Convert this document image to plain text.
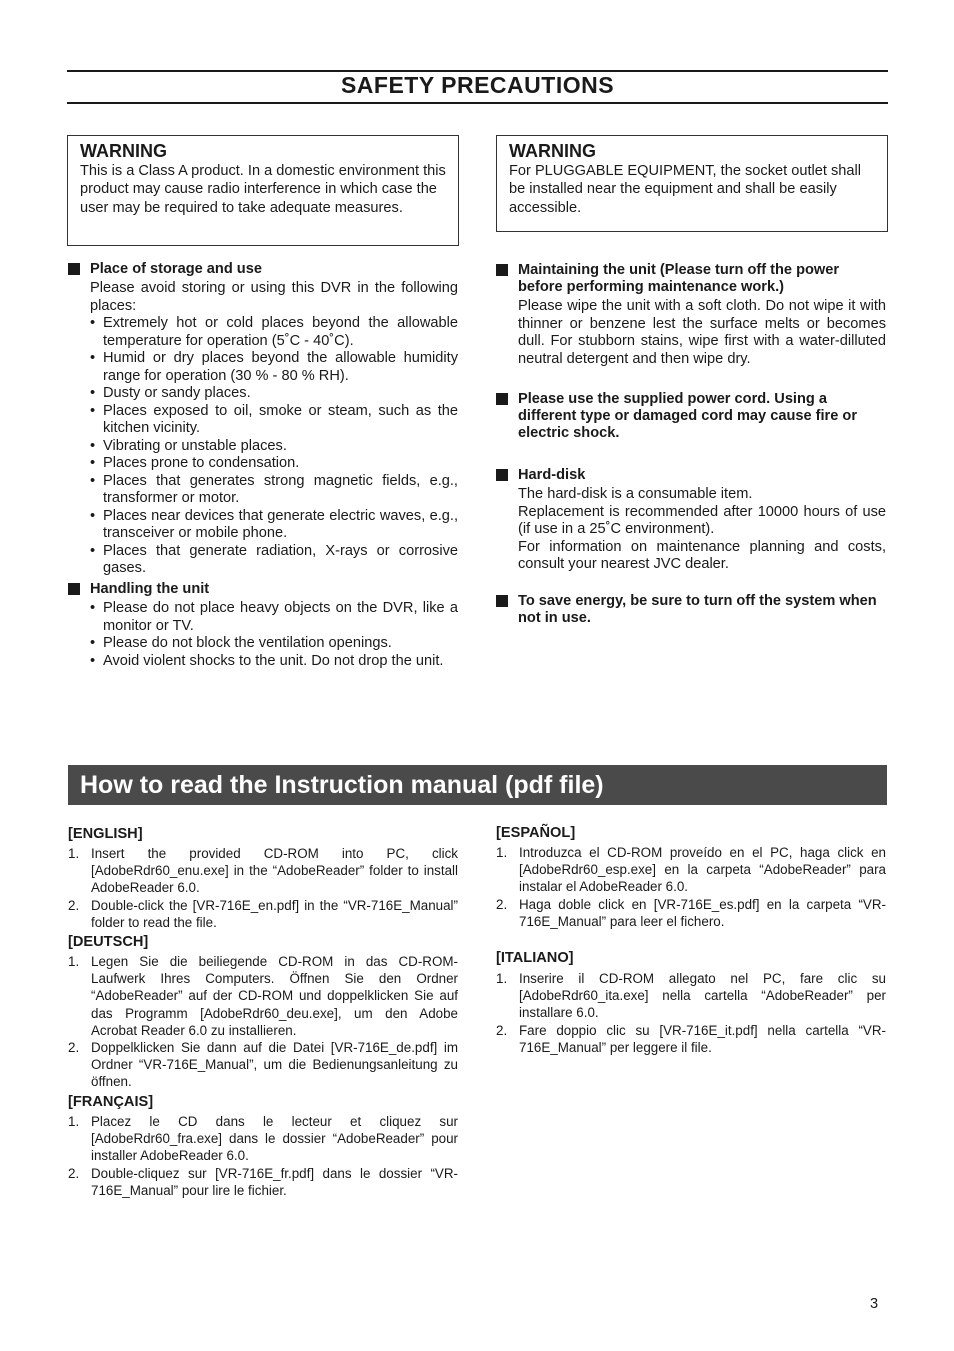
SAFETY PRECAUTIONS
WARNING

This is a Class A product. In a domestic environment this product may cause radio interference in which case the user may be required to take adequate measures.

WARNING

For PLUGGABLE EQUIPMENT, the socket outlet shall be installed near the equipment and shall be easily accessible.

Place of storage and use

Please avoid storing or using this DVR in the following places:

• Extremely hot or cold places beyond the allowable temperature for operation (5˚C - 40˚C).
• Humid or dry places beyond the allowable humidity range for operation (30 % - 80 % RH).
• Dusty or sandy places.
• Places exposed to oil, smoke or steam, such as the kitchen vicinity.
• Vibrating or unstable places.
• Places prone to condensation.
• Places that generates strong magnetic fields, e.g., transformer or motor.
• Places near devices that generate electric waves, e.g., transceiver or mobile phone.
• Places that generate radiation, X-rays or corrosive gases.
Handling the unit
• Please do not place heavy objects on the DVR, like a monitor or TV.
• Please do not block the ventilation openings.
• Avoid violent shocks to the unit. Do not drop the unit.
Maintaining the unit (Please turn off the power before performing maintenance work.)

Please wipe the unit with a soft cloth. Do not wipe it with thinner or benzene lest the surface melts or becomes dull. For stubborn stains, wipe first with a water-dilluted neutral detergent and then wipe dry.

Please use the supplied power cord. Using a different type or damaged cord may cause fire or electric shock.
Hard-disk
The hard-disk is a consumable item.
Replacement is recommended after 10000 hours of use (if use in a 25˚C environment).
For information on maintenance planning and costs, consult your nearest JVC dealer.
To save energy, be sure to turn off the system when not in use.
How to read the Instruction manual (pdf file)
[ENGLISH]
1. Insert the provided CD-ROM into PC, click [AdobeRdr60_enu.exe] in the “AdobeReader” folder to install AdobeReader 6.0.
2. Double-click the [VR-716E_en.pdf] in the “VR-716E_Manual” folder to read the file.
[DEUTSCH]
1. Legen Sie die beiliegende CD-ROM in das CD-ROM-Laufwerk Ihres Computers. Öffnen Sie den Ordner “AdobeReader” auf der CD-ROM und doppelklicken Sie auf das Programm [AdobeRdr60_deu.exe], um den Adobe Acrobat Reader 6.0 zu installieren.
2. Doppelklicken Sie dann auf die Datei [VR-716E_de.pdf] im Ordner “VR-716E_Manual”, um die Bedienungsanleitung zu öffnen.
[FRANÇAIS]
1. Placez le CD dans le lecteur et cliquez sur [AdobeRdr60_fra.exe] dans le dossier “AdobeReader” pour installer AdobeReader 6.0.
2. Double-cliquez sur [VR-716E_fr.pdf] dans le dossier “VR-716E_Manual” pour lire le fichier.
[ESPAÑOL]
1. Introduzca el CD-ROM proveído en el PC, haga click en [AdobeRdr60_esp.exe] en la carpeta “AdobeReader” para instalar el AdobeReader 6.0.
2. Haga doble click en [VR-716E_es.pdf] en la carpeta “VR-716E_Manual” para leer el fichero.
[ITALIANO]
1. Inserire il CD-ROM allegato nel PC, fare clic su [AdobeRdr60_ita.exe] nella cartella “AdobeReader” per installare 6.0.
2. Fare doppio clic su [VR-716E_it.pdf] nella cartella “VR-716E_Manual” per leggere il file.
3
